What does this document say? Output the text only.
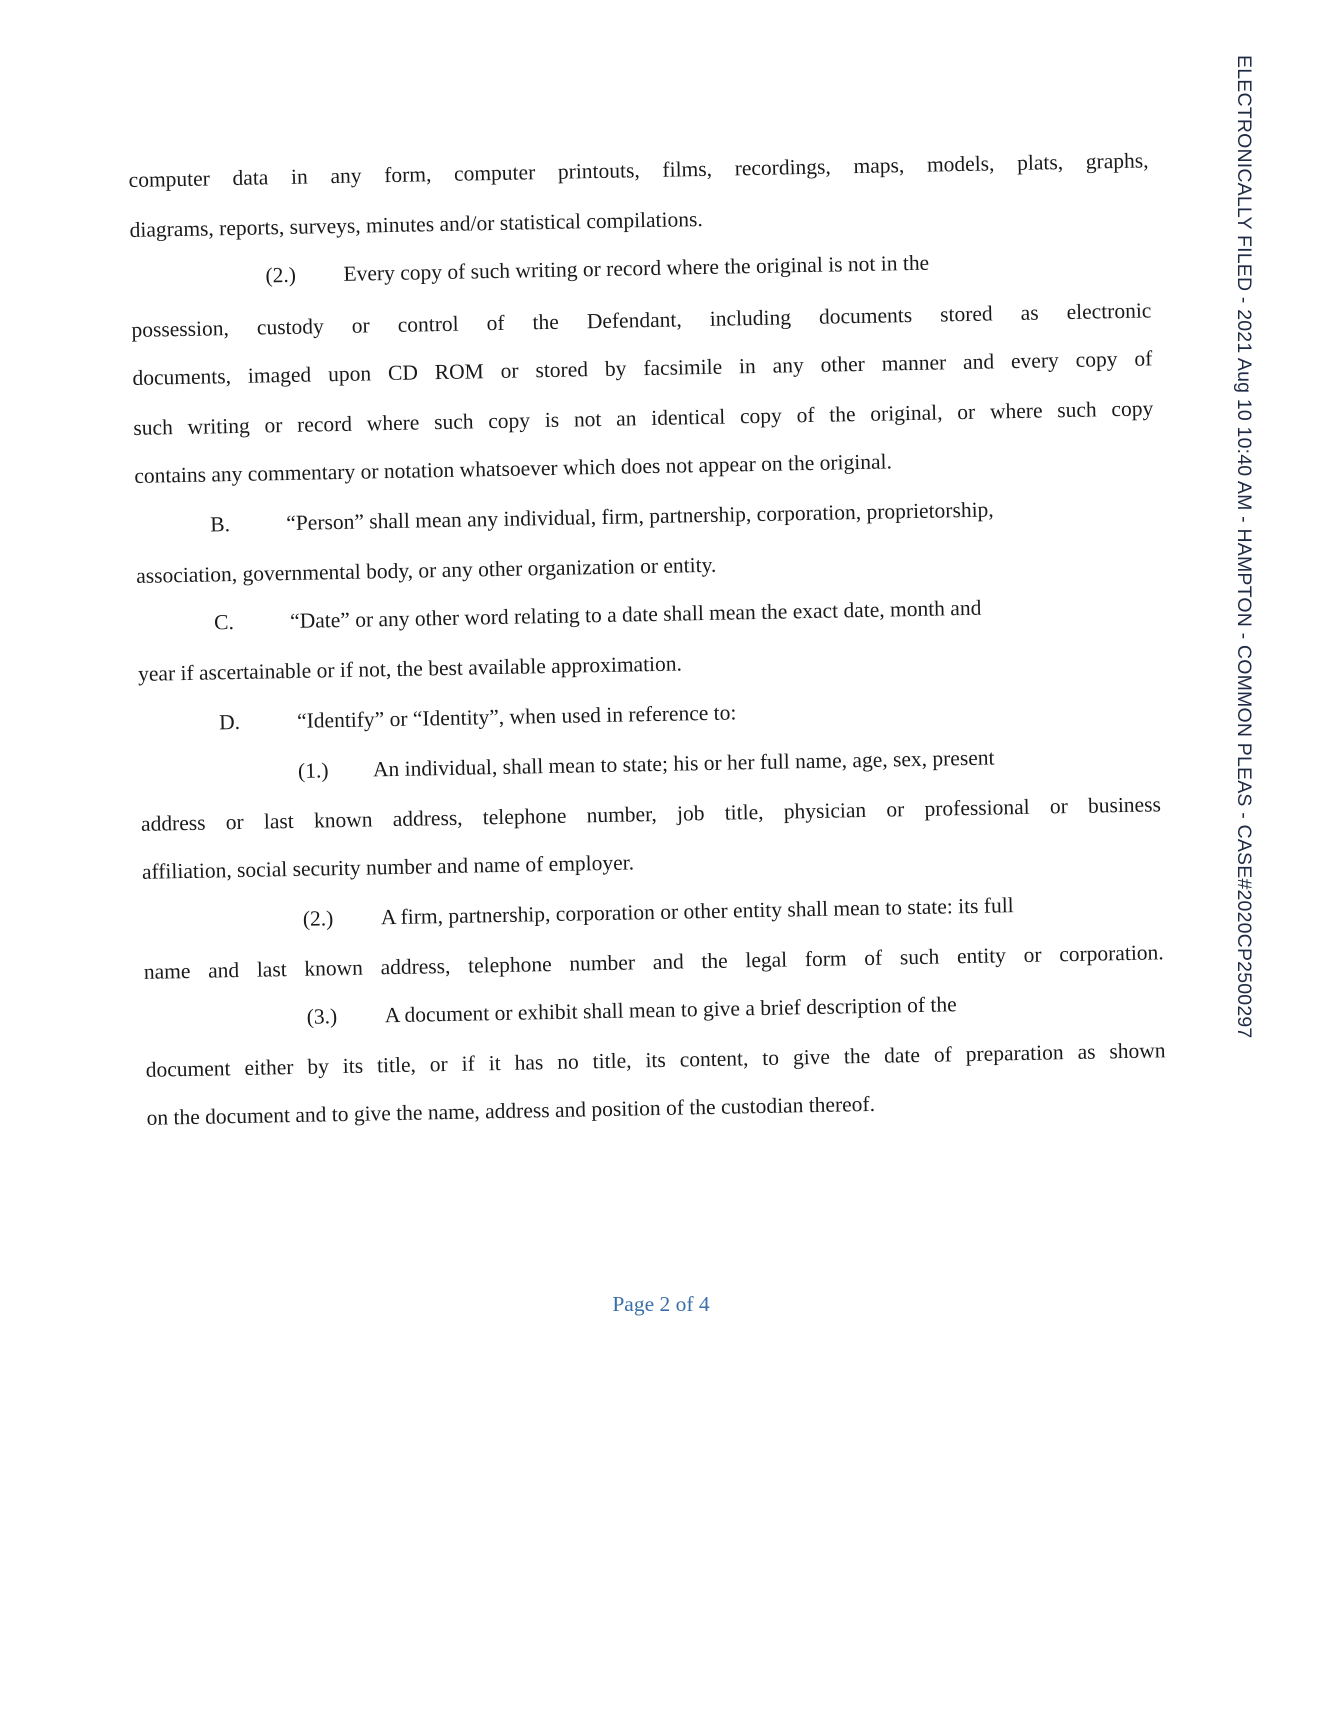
computer data in any form, computer printouts, films, recordings, maps, models, plats, graphs,
diagrams, reports, surveys, minutes and/or statistical compilations.
(2.) Every copy of such writing or record where the original is not in the
possession, custody or control of the Defendant, including documents stored as electronic
documents, imaged upon CD ROM or stored by facsimile in any other manner and every copy of
such writing or record where such copy is not an identical copy of the original, or where such copy
contains any commentary or notation whatsoever which does not appear on the original.
B.	“Person” shall mean any individual, firm, partnership, corporation, proprietorship,
association, governmental body, or any other organization or entity.
C.	“Date” or any other word relating to a date shall mean the exact date, month and
year if ascertainable or if not, the best available approximation.
D.	“Identify” or “Identity”, when used in reference to:
(1.) An individual, shall mean to state; his or her full name, age, sex, present
address or last known address, telephone number, job title, physician or professional or business
affiliation, social security number and name of employer.
(2.) A firm, partnership, corporation or other entity shall mean to state: its full
name and last known address, telephone number and the legal form of such entity or corporation.
(3.) A document or exhibit shall mean to give a brief description of the
document either by its title, or if it has no title, its content, to give the date of preparation as shown
on the document and to give the name, address and position of the custodian thereof.
Page 2 of 4
ELECTRONICALLY FILED - 2021 Aug 10 10:40 AM - HAMPTON - COMMON PLEAS - CASE#2020CP2500297
